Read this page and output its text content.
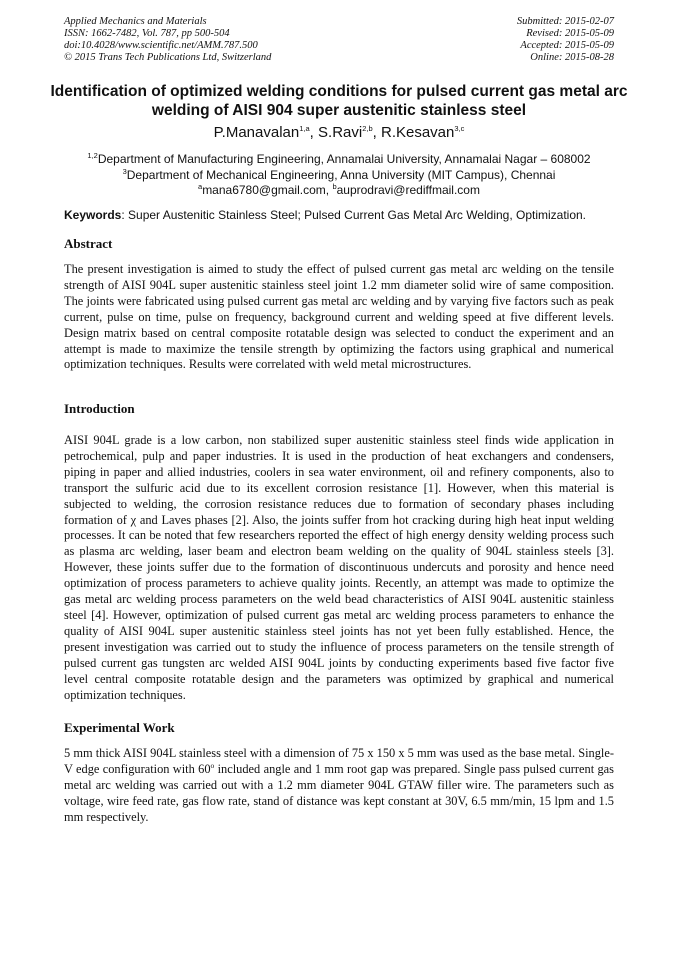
Applied Mechanics and Materials
ISSN: 1662-7482, Vol. 787, pp 500-504
doi:10.4028/www.scientific.net/AMM.787.500
© 2015 Trans Tech Publications Ltd, Switzerland
Submitted: 2015-02-07
Revised: 2015-05-09
Accepted: 2015-05-09
Online: 2015-08-28
Identification of optimized welding conditions for pulsed current gas metal arc welding of AISI 904 super austenitic stainless steel
P.Manavalan$^{1,a}$, S.Ravi$^{2,b}$, R.Kesavan$^{3,c}$
$^{1,2}$Department of Manufacturing Engineering, Annamalai University, Annamalai Nagar – 608002
$^3$Department of Mechanical Engineering, Anna University (MIT Campus), Chennai
$^a$mana6780@gmail.com, $^b$auprodravi@rediffmail.com
Keywords: Super Austenitic Stainless Steel; Pulsed Current Gas Metal Arc Welding, Optimization.
Abstract

The present investigation is aimed to study the effect of pulsed current gas metal arc welding on the tensile strength of AISI 904L super austenitic stainless steel joint 1.2 mm diameter solid wire of same composition. The joints were fabricated using pulsed current gas metal arc welding and by varying five factors such as peak current, pulse on time, pulse on frequency, background current and welding speed at five different levels. Design matrix based on central composite rotatable design was selected to conduct the experiment and an attempt is made to maximize the tensile strength by optimizing the factors using graphical and numerical optimization techniques. Results were correlated with weld metal microstructures.

Introduction

AISI 904L grade is a low carbon, non stabilized super austenitic stainless steel finds wide application in petrochemical, pulp and paper industries. It is used in the production of heat exchangers and condensers, piping in paper and allied industries, coolers in sea water environment, oil and refinery components, also to transport the sulfuric acid due to its excellent corrosion resistance [1]. However, when this material is subjected to welding, the corrosion resistance reduces due to formation of secondary phases including formation of χ and Laves phases [2]. Also, the joints suffer from hot cracking during high heat input welding processes. It can be noted that few researchers reported the effect of high energy density welding process such as plasma arc welding, laser beam and electron beam welding on the quality of 904L stainless steels [3]. However, these joints suffer due to the formation of discontinuous undercuts and porosity and hence need optimization of process parameters to achieve quality joints. Recently, an attempt was made to optimize the gas metal arc welding process parameters on the weld bead characteristics of AISI 904L austenitic stainless steel [4]. However, optimization of pulsed current gas metal arc welding process parameters to enhance the quality of AISI 904L super austenitic stainless steel joints has not yet been fully established. Hence, the present investigation was carried out to study the influence of process parameters on the tensile strength of pulsed current gas tungsten arc welded AISI 904L joints by conducting experiments based five factor five level central composite rotatable design and the parameters was optimized by graphical and numerical optimization techniques.

Experimental Work

5 mm thick AISI 904L stainless steel with a dimension of 75 x 150 x 5 mm was used as the base metal. Single-V edge configuration with 60$^o$ included angle and 1 mm root gap was prepared. Single pass pulsed current gas metal arc welding was carried out with a 1.2 mm diameter 904L GTAW filler wire. The parameters such as voltage, wire feed rate, gas flow rate, stand of distance was kept constant at 30V, 6.5 mm/min, 15 lpm and 1.5 mm respectively.
